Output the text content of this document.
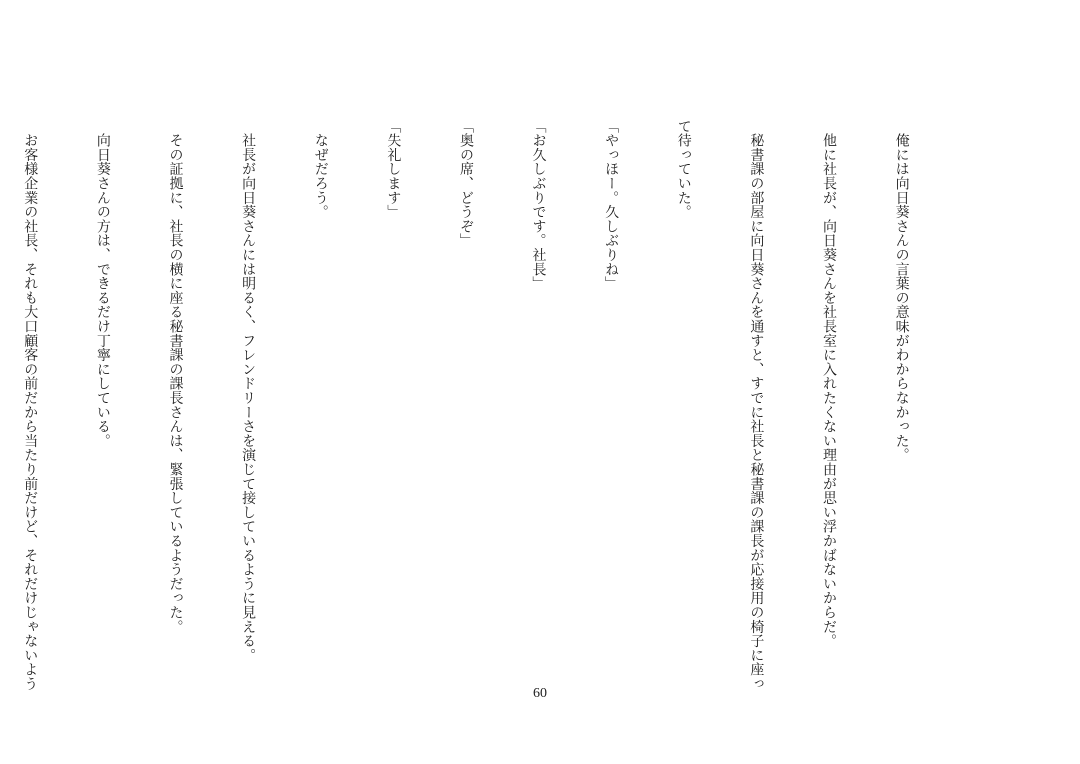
　俺には向日葵さんの言葉の意味がわからなかった。

　他に社長が、向日葵さんを社長室に入れたくない理由が思い浮かばないからだ。

　秘書課の部屋に向日葵さんを通すと、すでに社長と秘書課の課長が応接用の椅子に座っ

て待っていた。

「やっほー。久しぶりね」

「お久しぶりです。社長」

「奥の席、どうぞ」

「失礼します」

　なぜだろう。

　社長が向日葵さんには明るく、フレンドリーさを演じて接しているように見える。

　その証拠に、社長の横に座る秘書課の課長さんは、緊張しているようだった。

　向日葵さんの方は、できるだけ丁寧にしている。

　お客様企業の社長、それも大口顧客の前だから当たり前だけど、それだけじゃないよう

60
